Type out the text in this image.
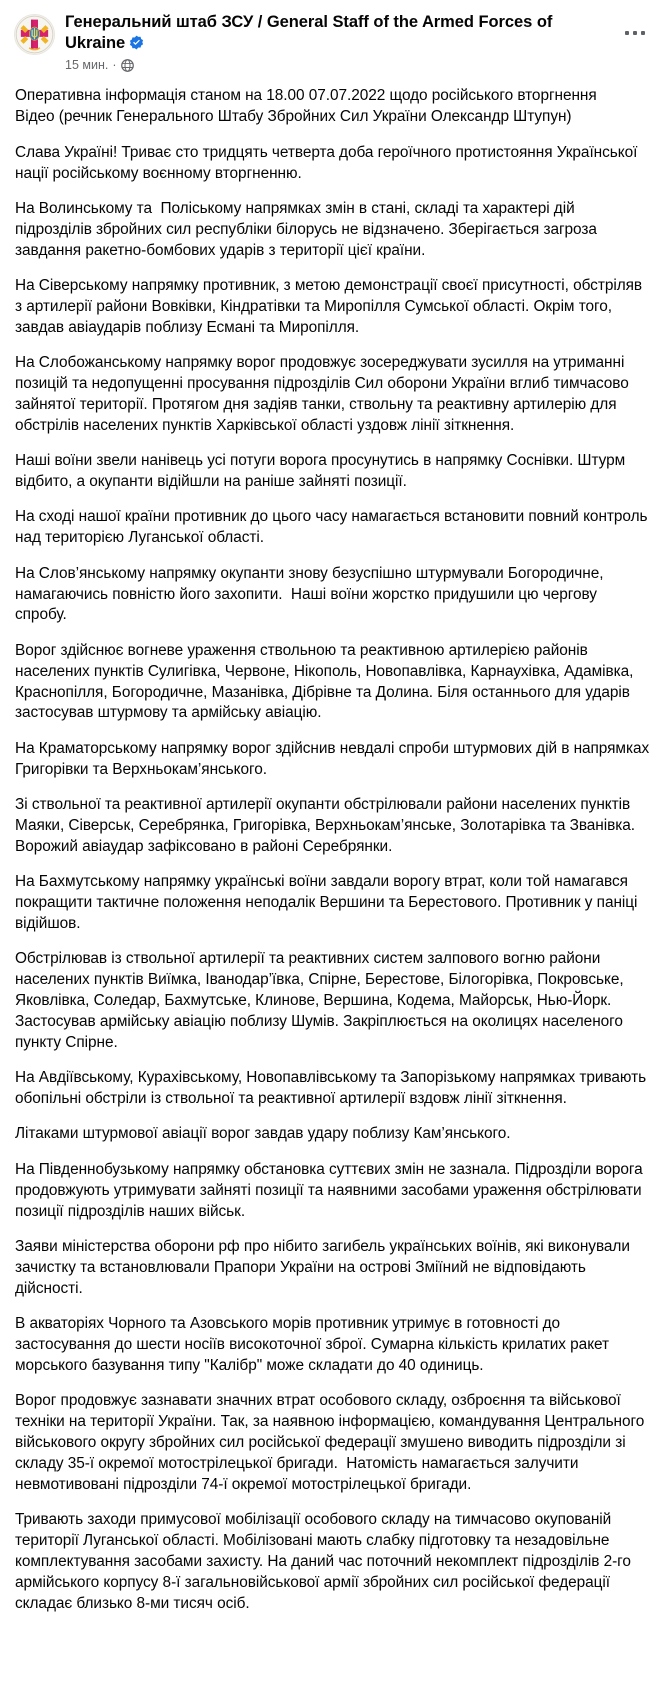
Генеральний штаб ЗСУ / General Staff of the Armed Forces of Ukraine
15 мин. ·

Оперативна інформація станом на 18.00 07.07.2022 щодо російського вторгнення

Відео (речник Генерального Штабу Збройних Сил України Олександр Штупун)

Слава Україні! Триває сто тридцять четверта доба героїчного протистояння Української нації російському воєнному вторгненню.

На Волинському та  Поліському напрямках змін в стані, складі та характері дій підрозділів збройних сил республіки білорусь не відзначено. Зберігається загроза завдання ракетно-бомбових ударів з території цієї країни.

На Сіверському напрямку противник, з метою демонстрації своєї присутності, обстріляв з артилерії райони Вовківки, Кіндратівки та Миропілля Сумської області. Окрім того, завдав авіаударів поблизу Есмані та Миропілля.

На Слобожанському напрямку ворог продовжує зосереджувати зусилля на утриманні позицій та недопущенні просування підрозділів Сил оборони України вглиб тимчасово зайнятої території. Протягом дня задіяв танки, ствольну та реактивну артилерію для обстрілів населених пунктів Харківської області уздовж лінії зіткнення.

Наші воїни звели нанівець усі потуги ворога просунутись в напрямку Соснівки. Штурм відбито, а окупанти відійшли на раніше зайняті позиції.

На сході нашої країни противник до цього часу намагається встановити повний контроль над територією Луганської області.

На Слов’янському напрямку окупанти знову безуспішно штурмували Богородичне, намагаючись повністю його захопити.  Наші воїни жорстко придушили цю чергову спробу.

Ворог здійснює вогневе ураження ствольною та реактивною артилерією районів населених пунктів Сулигівка, Червоне, Нікополь, Новопавлівка, Карнаухівка, Адамівка, Краснопілля, Богородичне, Мазанівка, Дібрівне та Долина. Біля останнього для ударів застосував штурмову та армійську авіацію.

На Краматорському напрямку ворог здійснив невдалі спроби штурмових дій в напрямках Григорівки та Верхньокам’янського.

Зі ствольної та реактивної артилерії окупанти обстрілювали райони населених пунктів Маяки, Сіверськ, Серебрянка, Григорівка, Верхньокам’янське, Золотарівка та Званівка. Ворожий авіаудар зафіксовано в районі Серебрянки.

На Бахмутському напрямку українські воїни завдали ворогу втрат, коли той намагався покращити тактичне положення неподалік Вершини та Берестового. Противник у паніці відійшов.

Обстрілював із ствольної артилерії та реактивних систем залпового вогню райони населених пунктів Виїмка, Іванодар’ївка, Спірне, Берестове, Білогорівка, Покровське, Яковлівка, Соледар, Бахмутське, Клинове, Вершина, Кодема, Майорськ, Нью-Йорк. Застосував армійську авіацію поблизу Шумів. Закріплюється на околицях населеного пункту Спірне.

На Авдіївському, Курахівському, Новопавлівському та Запорізькому напрямках тривають обопільні обстріли із ствольної та реактивної артилерії вздовж лінії зіткнення.

Літаками штурмової авіації ворог завдав удару поблизу Кам’янського.

На Південнобузькому напрямку обстановка суттєвих змін не зазнала. Підрозділи ворога продовжують утримувати зайняті позиції та наявними засобами ураження обстрілювати позиції підрозділів наших військ.

Заяви міністерства оборони рф про нібито загибель українських воїнів, які виконували зачистку та встановлювали Прапори України на острові Зміїний не відповідають дійсності.

В акваторіях Чорного та Азовського морів противник утримує в готовності до застосування до шести носіїв високоточної зброї. Сумарна кількість крилатих ракет морського базування типу "Калібр" може складати до 40 одиниць.

Ворог продовжує зазнавати значних втрат особового складу, озброєння та військової техніки на території України. Так, за наявною інформацією, командування Центрального військового округу збройних сил російської федерації змушено виводить підрозділи зі складу 35-ї окремої мотострілецької бригади.  Натомість намагається залучити невмотивовані підрозділи 74-ї окремої мотострілецької бригади.

Тривають заходи примусової мобілізації особового складу на тимчасово окупованій території Луганської області. Мобілізовані мають слабку підготовку та незадовільне комплектування засобами захисту. На даний час поточний некомплект підрозділів 2-го армійського корпусу 8-ї загальновійськової армії збройних сил російської федерації складає близько 8-ми тисяч осіб.
